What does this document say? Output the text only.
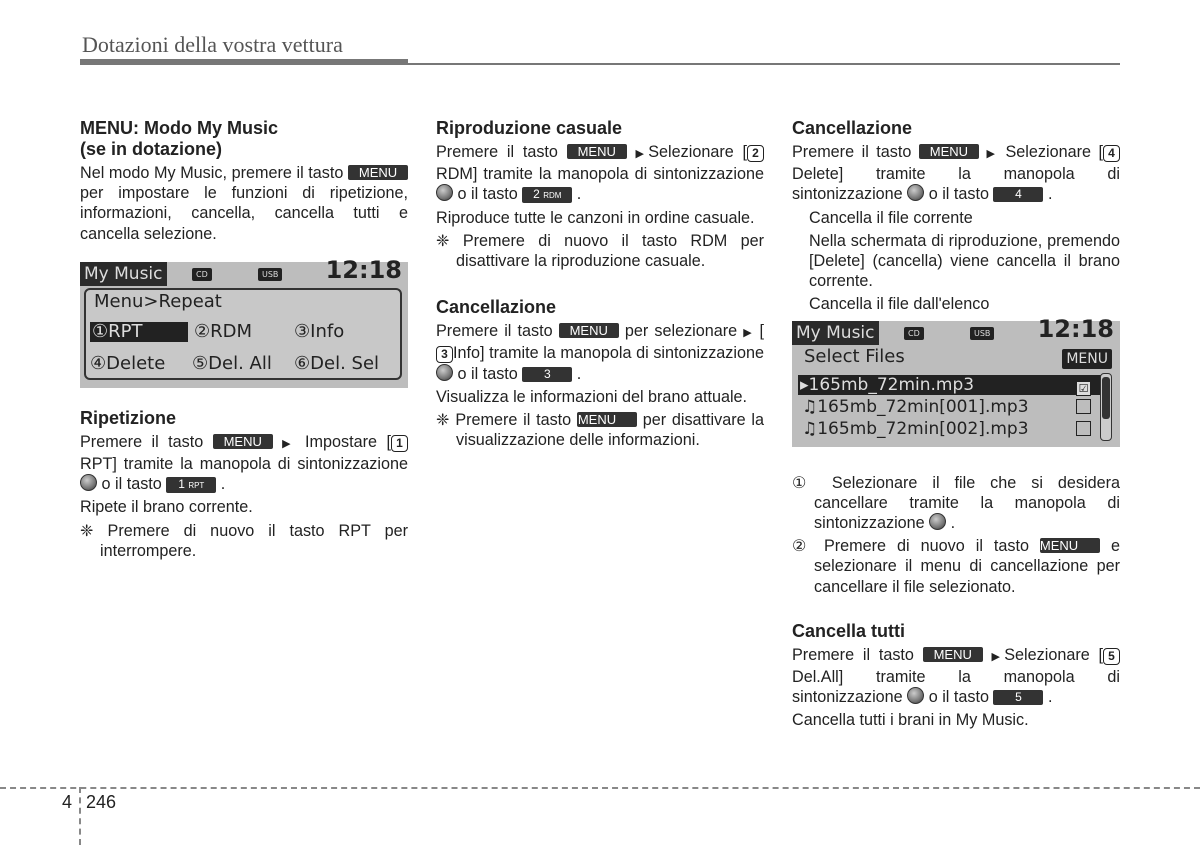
Dotazioni della vostra vettura
MENU: Modo My Music
(se in dotazione)

Nel modo My Music, premere il tasto MENU per impostare le funzioni di ripetizione, informazioni, cancella, cancella tutti e cancella selezione.

My Music	CD	USB 12:18
Menu>Repeat
①RPT	②RDM ③Info
④Delete ⑤Del. All ⑥Del. Sel
Ripetizione

Premere il tasto MENU ▶ Impostare [ 1 RPT] tramite la manopola di sintonizzazione  o il tasto 1 RPT .

Ripete il brano corrente.

❈ Premere di nuovo il tasto RPT per interrompere.

Riproduzione casuale

Premere il tasto MENU ▶Selezionare [ 2RDM] tramite la manopola di sintonizzazione  o il tasto 2 RDM .

Riproduce tutte le canzoni in ordine casuale.

❈ Premere di nuovo il tasto RDM per disattivare la riproduzione casuale.

Cancellazione

Premere il tasto MENU per selezionare ▶ [3 Info] tramite la manopola di sintonizzazione  o il tasto 3 .

Visualizza le informazioni del brano attuale.

❈ Premere il tasto MENU per disattivare la visualizzazione delle informazioni.

Cancellazione

Premere il tasto MENU ▶ Selezionare [ 4Delete] tramite la manopola di sintonizzazione o il tasto 4 .

Cancella il file corrente

Nella schermata di riproduzione, premendo [Delete] (cancella) viene cancella il brano corrente.

Cancella il file dall'elenco

My Music	CD	USB 12:18
Select Files	MENU
▸165mb_72min.mp3	☑
♫165mb_72min[001].mp3
♫165mb_72min[002].mp3

① Selezionare il file che si desidera cancellare tramite la manopola di sintonizzazione  .

② Premere di nuovo il tasto MENU e selezionare il menu di cancellazione per cancellare il file selezionato.

Cancella tutti

Premere il tasto MENU ▶Selezionare [ 5Del.All] tramite la manopola di sintonizzazione o il tasto 5 .

Cancella tutti i brani in My Music.

4 246
